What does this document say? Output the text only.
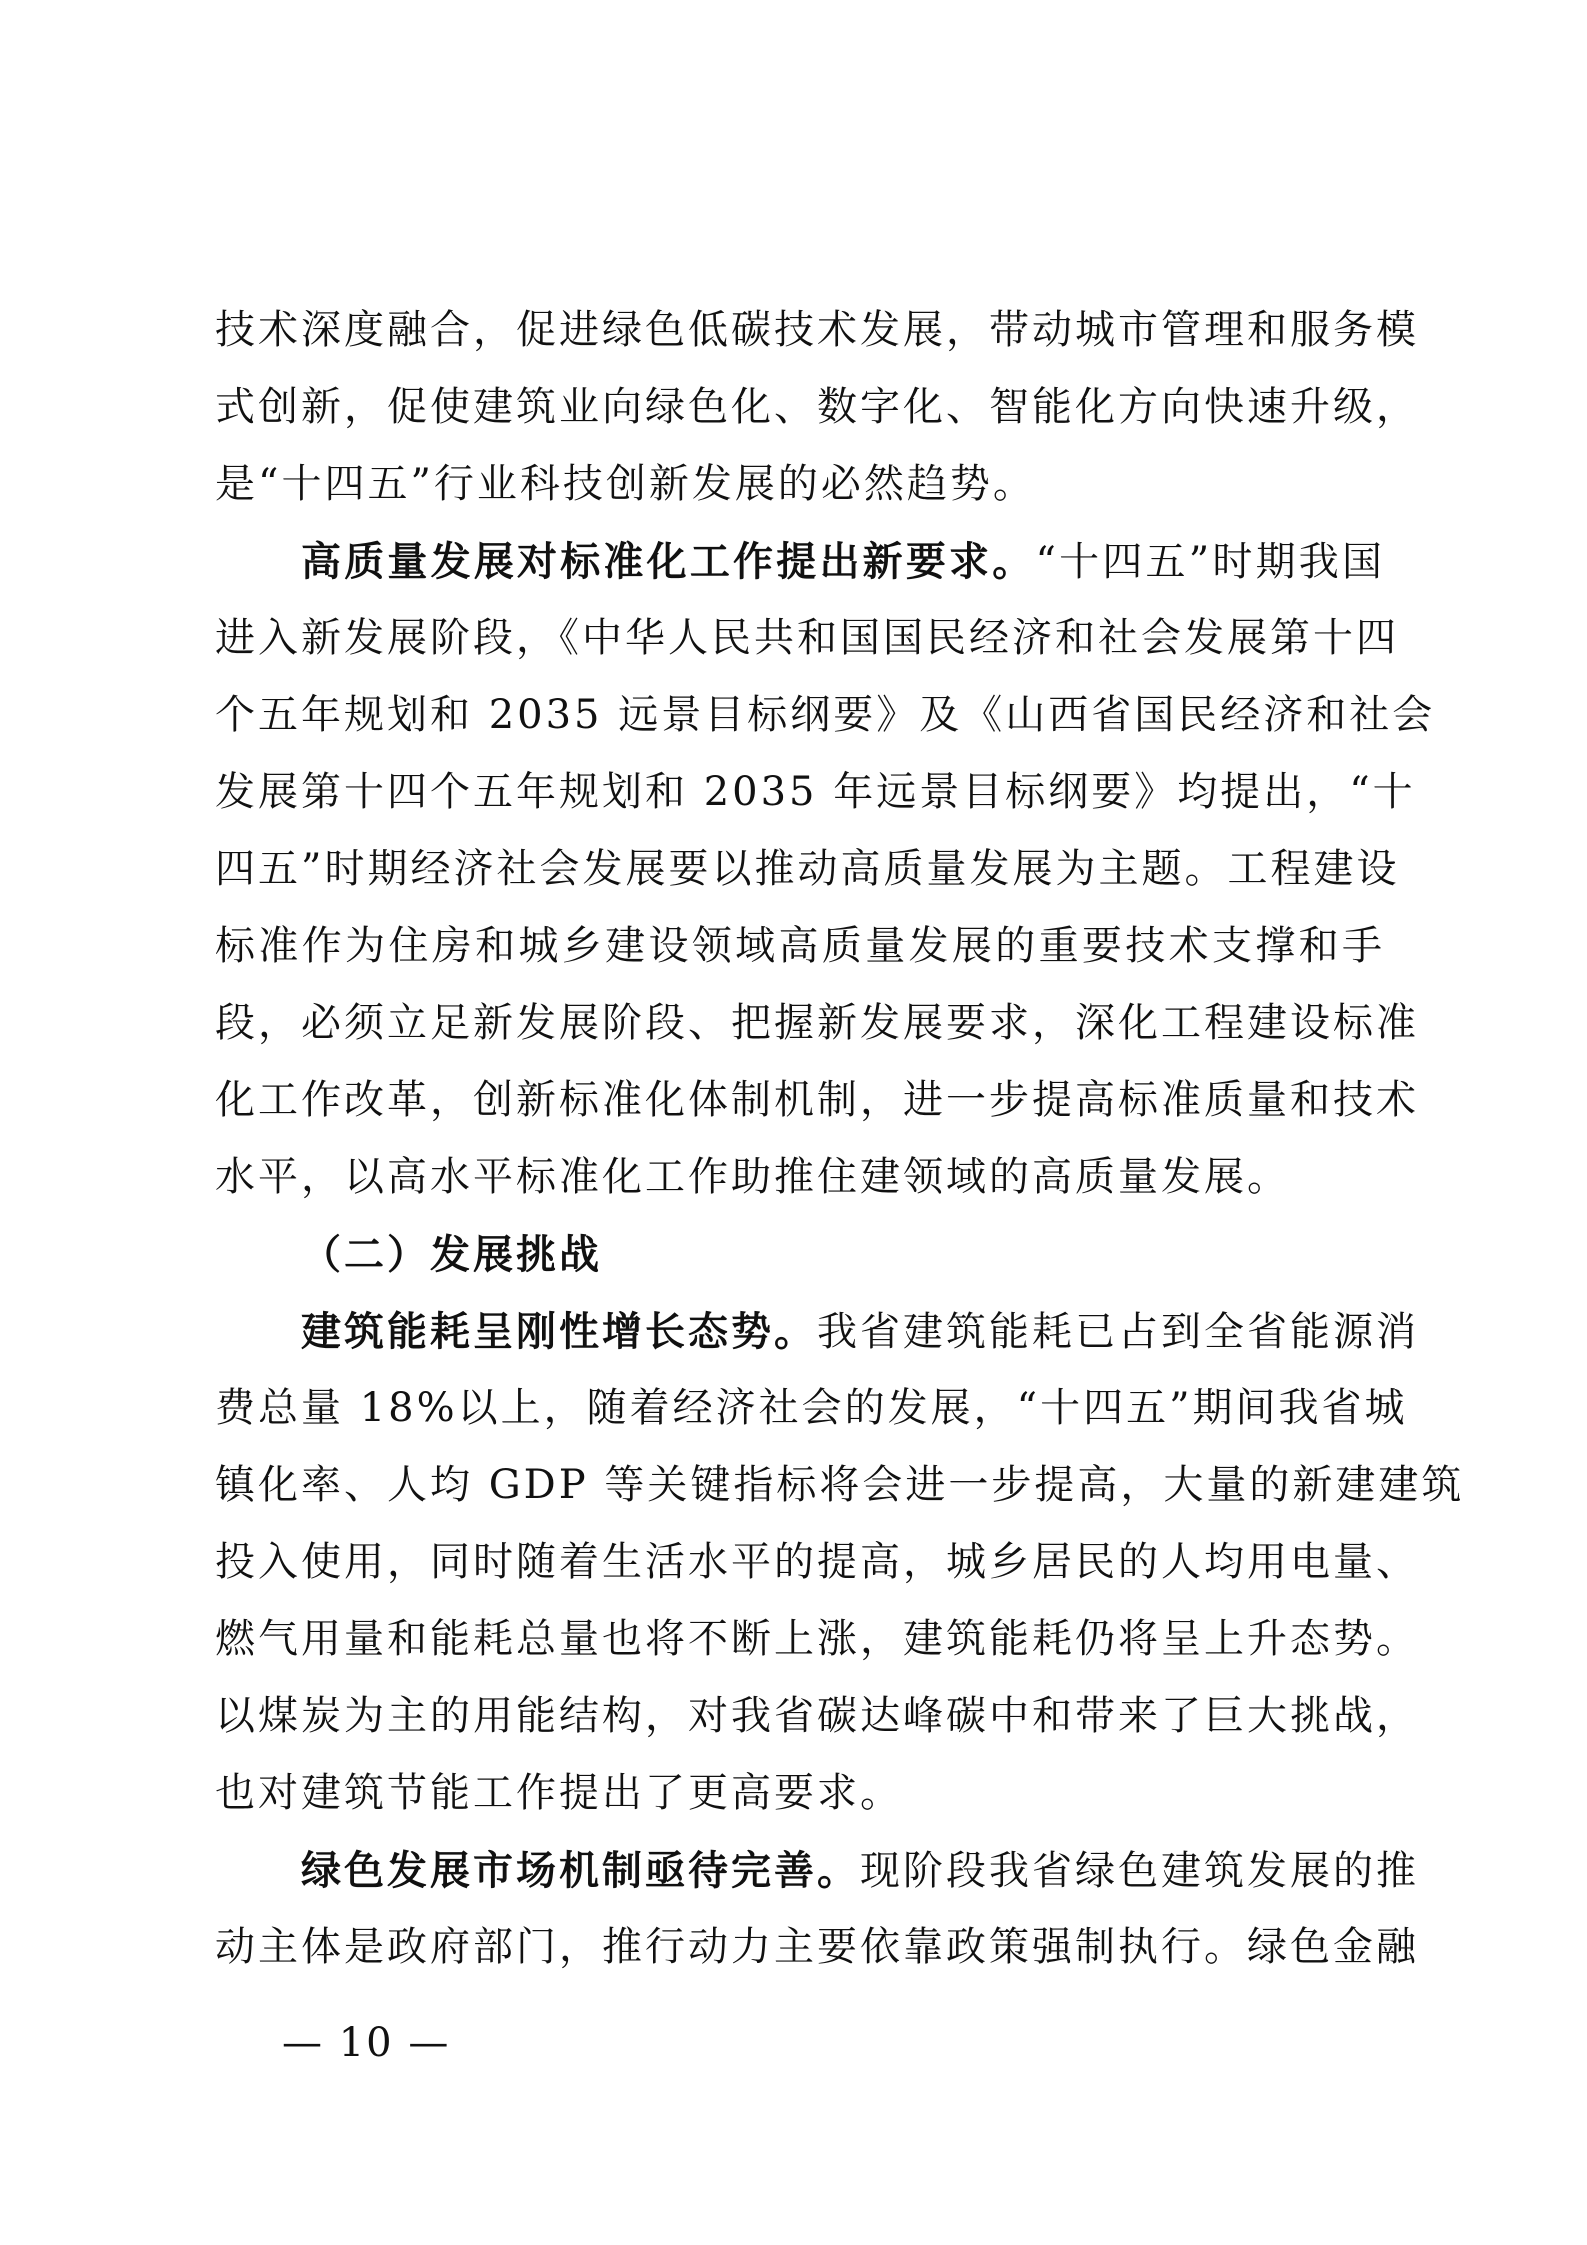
技术深度融合，促进绿色低碳技术发展，带动城市管理和服务模
式创新，促使建筑业向绿色化、数字化、智能化方向快速升级，
是“十四五”行业科技创新发展的必然趋势。
高质量发展对标准化工作提出新要求。“十四五”时期我国
进入新发展阶段，《中华人民共和国国民经济和社会发展第十四
个五年规划和 2035 远景目标纲要》及《山西省国民经济和社会
发展第十四个五年规划和 2035 年远景目标纲要》均提出，“十
四五”时期经济社会发展要以推动高质量发展为主题。工程建设
标准作为住房和城乡建设领域高质量发展的重要技术支撑和手
段，必须立足新发展阶段、把握新发展要求，深化工程建设标准
化工作改革，创新标准化体制机制，进一步提高标准质量和技术
水平，以高水平标准化工作助推住建领域的高质量发展。
（二）发展挑战
建筑能耗呈刚性增长态势。我省建筑能耗已占到全省能源消
费总量 18%以上，随着经济社会的发展，“十四五”期间我省城
镇化率、人均 GDP 等关键指标将会进一步提高，大量的新建建筑
投入使用，同时随着生活水平的提高，城乡居民的人均用电量、
燃气用量和能耗总量也将不断上涨，建筑能耗仍将呈上升态势。
以煤炭为主的用能结构，对我省碳达峰碳中和带来了巨大挑战，
也对建筑节能工作提出了更高要求。
绿色发展市场机制亟待完善。现阶段我省绿色建筑发展的推
动主体是政府部门，推行动力主要依靠政策强制执行。绿色金融
— 10 —
